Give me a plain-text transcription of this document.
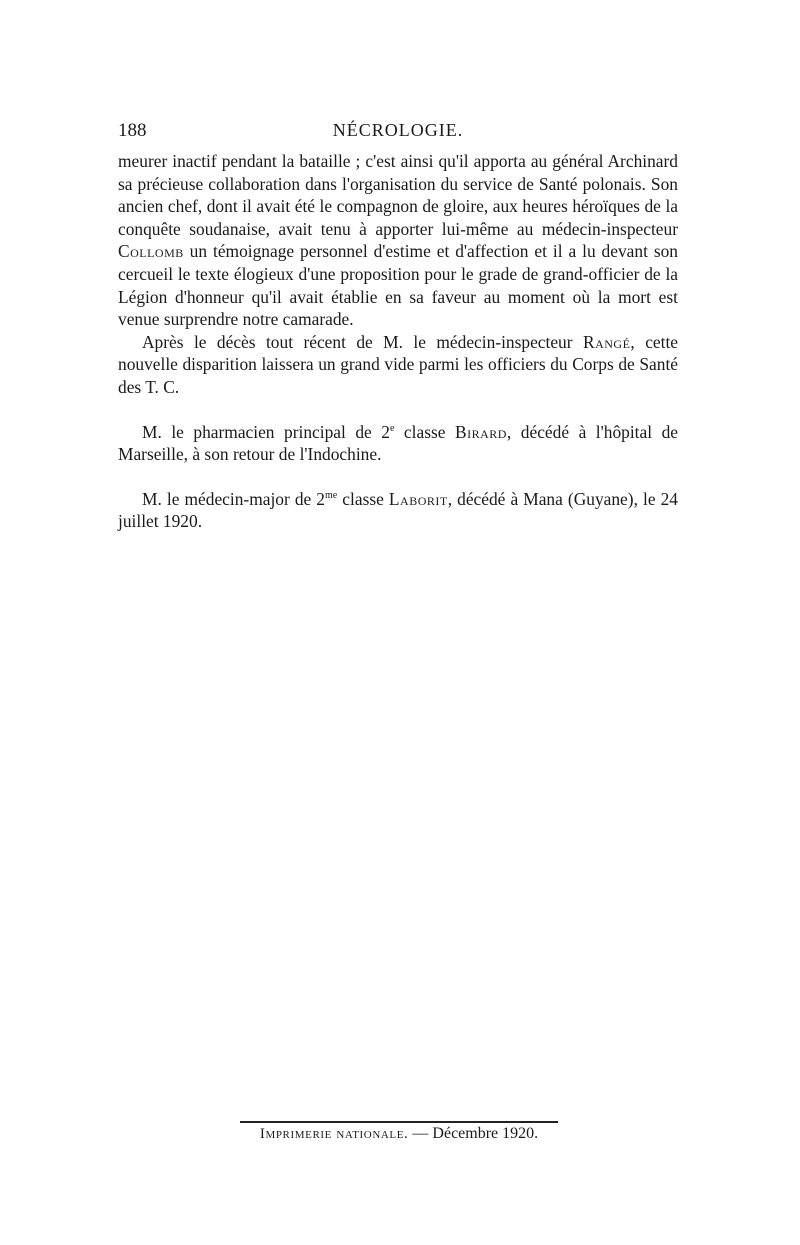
188	NÉCROLOGIE.

meurer inactif pendant la bataille ; c'est ainsi qu'il apporta au général Archinard sa précieuse collaboration dans l'organisation du service de Santé polonais. Son ancien chef, dont il avait été le compagnon de gloire, aux heures héroïques de la conquête soudanaise, avait tenu à apporter lui-même au médecin-inspecteur Collomb un témoignage personnel d'estime et d'affection et il a lu devant son cercueil le texte élogieux d'une proposition pour le grade de grand-officier de la Légion d'honneur qu'il avait établie en sa faveur au moment où la mort est venue surprendre notre camarade.

Après le décès tout récent de M. le médecin-inspecteur Rangé, cette nouvelle disparition laissera un grand vide parmi les officiers du Corps de Santé des T. C.

M. le pharmacien principal de 2e classe Birard, décédé à l'hôpital de Marseille, à son retour de l'Indochine.

M. le médecin-major de $2^{me}$ classe Laborit, décédé à Mana (Guyane), le 24 juillet 1920.

Imprimerie nationale. — Décembre 1920.
